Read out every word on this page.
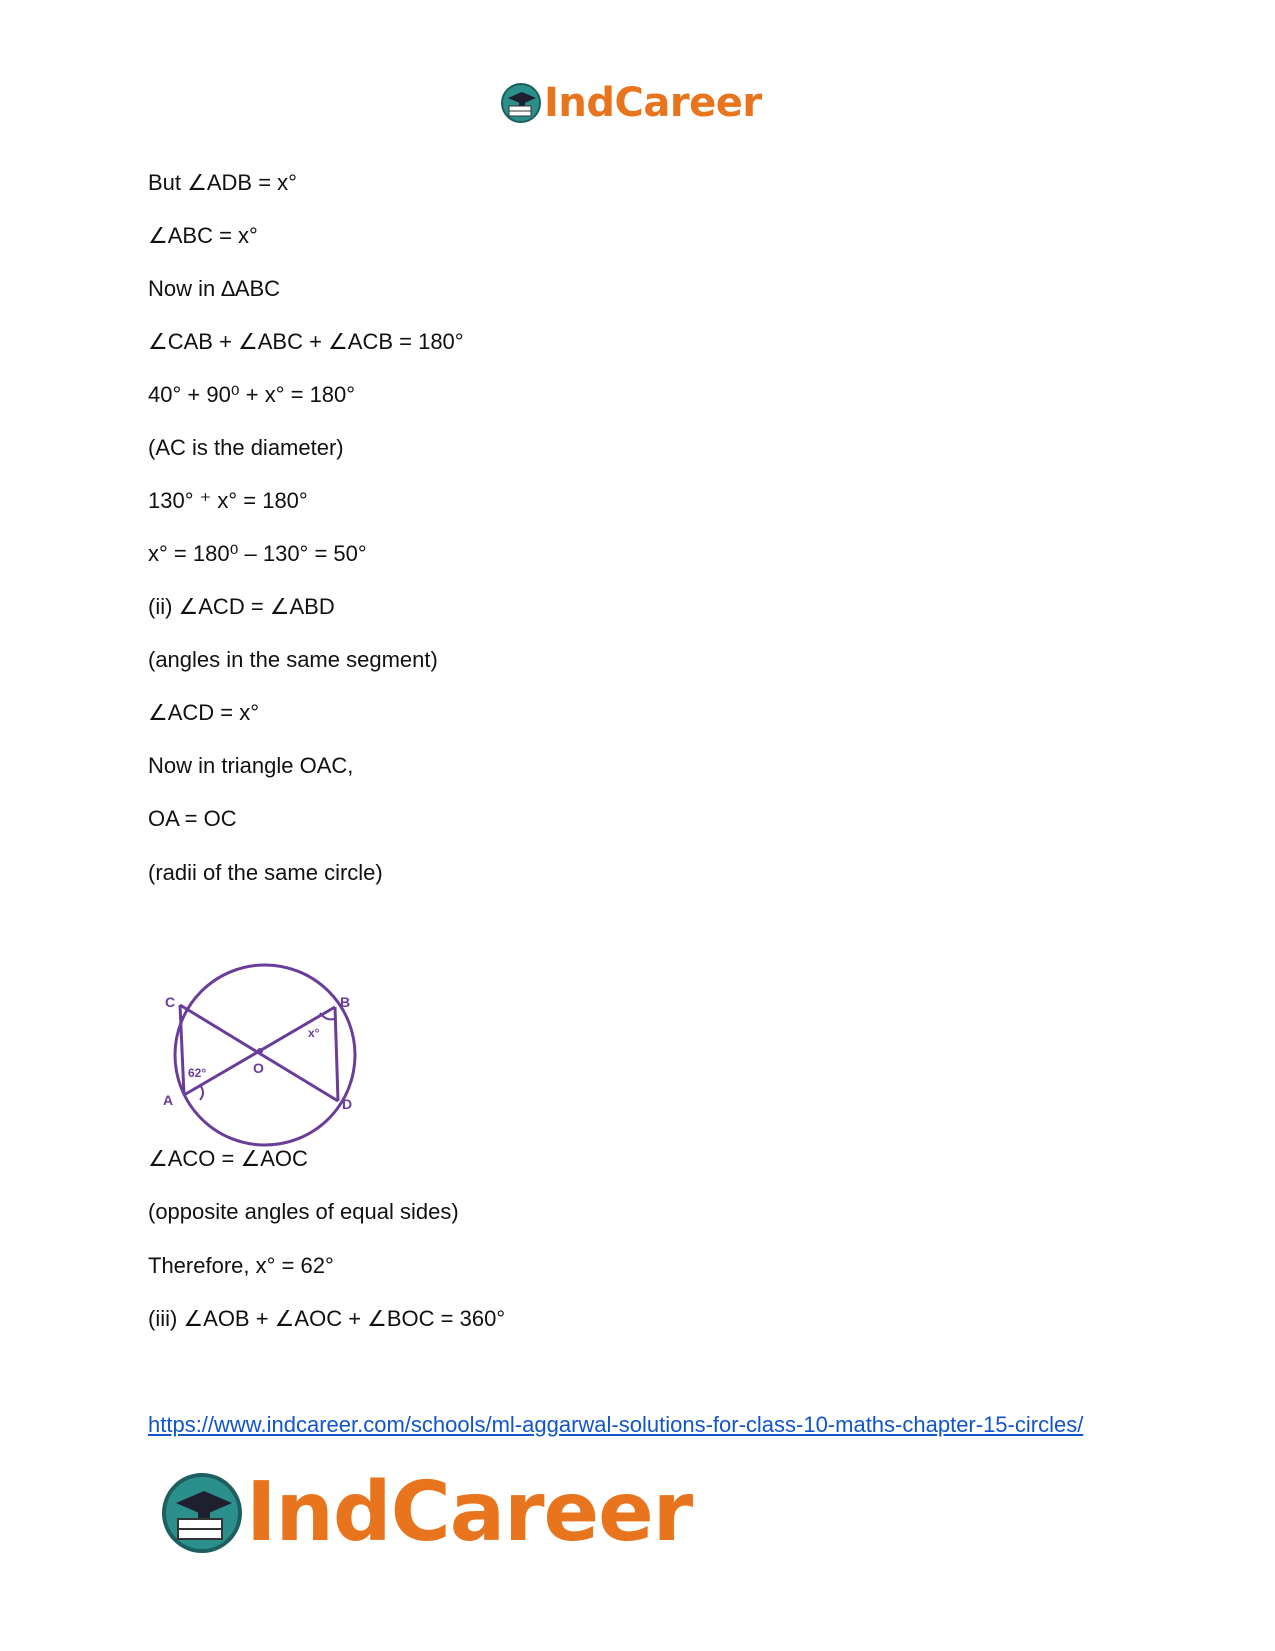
IndCareer
But ∠ADB = x°
∠ABC = x°
Now in ∆ABC
∠CAB + ∠ABC + ∠ACB = 180°
40° + 90⁰ + x° = 180°
(AC is the diameter)
130° ⁺ x° = 180°
x° = 180⁰ – 130° = 50°
(ii) ∠ACD = ∠ABD
(angles in the same segment)
∠ACD = x°
Now in triangle OAC,
OA = OC
(radii of the same circle)
∠ACO = ∠AOC
(opposite angles of equal sides)
Therefore, x° = 62°
(iii) ∠AOB + ∠AOC + ∠BOC = 360°
C	B
A	D
O
62°
x°
https://www.indcareer.com/schools/ml-aggarwal-solutions-for-class-10-maths-chapter-15-circles/
IndCareer
